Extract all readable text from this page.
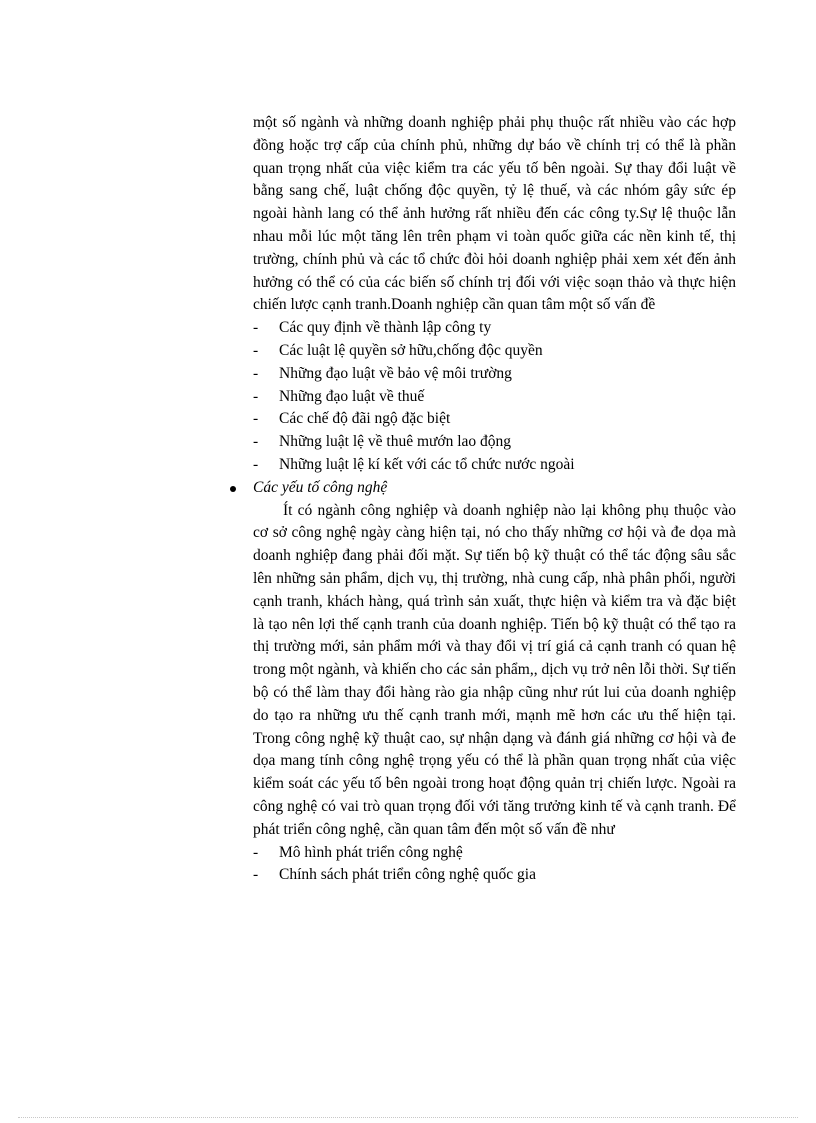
một số ngành và những doanh nghiệp phải phụ thuộc rất nhiều vào các hợp đồng hoặc trợ cấp của chính phủ, những dự báo về chính trị có thể là phần quan trọng nhất của việc kiểm tra các yếu tố bên ngoài. Sự thay đổi luật về bằng sang chế, luật chống độc quyền, tỷ lệ thuế, và các nhóm gây sức ép ngoài hành lang có thể ảnh hưởng rất nhiều đến các công ty.Sự lệ thuộc lẫn nhau mỗi lúc một tăng lên trên phạm vi toàn quốc giữa các nền kinh tế, thị trường, chính phủ và các tổ chức đòi hỏi doanh nghiệp phải xem xét đến ảnh hưởng có thể có của các biến số chính trị đối với việc soạn thảo và thực hiện chiến lược cạnh tranh.Doanh nghiệp cần quan tâm một số vấn đề

- Các quy định về thành lập công ty
- Các luật lệ quyền sở hữu,chống độc quyền
- Những đạo luật về bảo vệ môi trường
- Những đạo luật về thuế
- Các chế độ đãi ngộ đặc biệt
- Những luật lệ về thuê mướn lao động
- Những luật lệ kí kết với các tổ chức nước ngoài
Các yếu tố công nghệ

Ít có ngành công nghiệp và doanh nghiệp nào lại không phụ thuộc vào cơ sở công nghệ ngày càng hiện tại, nó cho thấy những cơ hội và đe dọa mà doanh nghiệp đang phải đối mặt. Sự tiến bộ kỹ thuật có thể tác động sâu sắc lên những sản phẩm, dịch vụ, thị trường, nhà cung cấp, nhà phân phối, người cạnh tranh, khách hàng, quá trình sản xuất, thực hiện và kiểm tra và đặc biệt là tạo nên lợi thế cạnh tranh của doanh nghiệp. Tiến bộ kỹ thuật có thể tạo ra thị trường mới, sản phẩm mới và thay đổi vị trí giá cả cạnh tranh có quan hệ trong một ngành, và khiến cho các sản phẩm,, dịch vụ trở nên lỗi thời. Sự tiến bộ có thể làm thay đổi hàng rào gia nhập cũng như rút lui của doanh nghiệp do tạo ra những ưu thế cạnh tranh mới, mạnh mẽ hơn các ưu thế hiện tại. Trong công nghệ kỹ thuật cao, sự nhận dạng và đánh giá những cơ hội và đe dọa mang tính công nghệ trọng yếu có thể là phần quan trọng nhất của việc kiểm soát các yếu tố bên ngoài trong hoạt động quản trị chiến lược. Ngoài ra công nghệ có vai trò quan trọng đối với tăng trưởng kinh tế và cạnh tranh. Để phát triển công nghệ, cần quan tâm đến một số vấn đề như

- Mô hình phát triển công nghệ
- Chính sách phát triển công nghệ quốc gia
